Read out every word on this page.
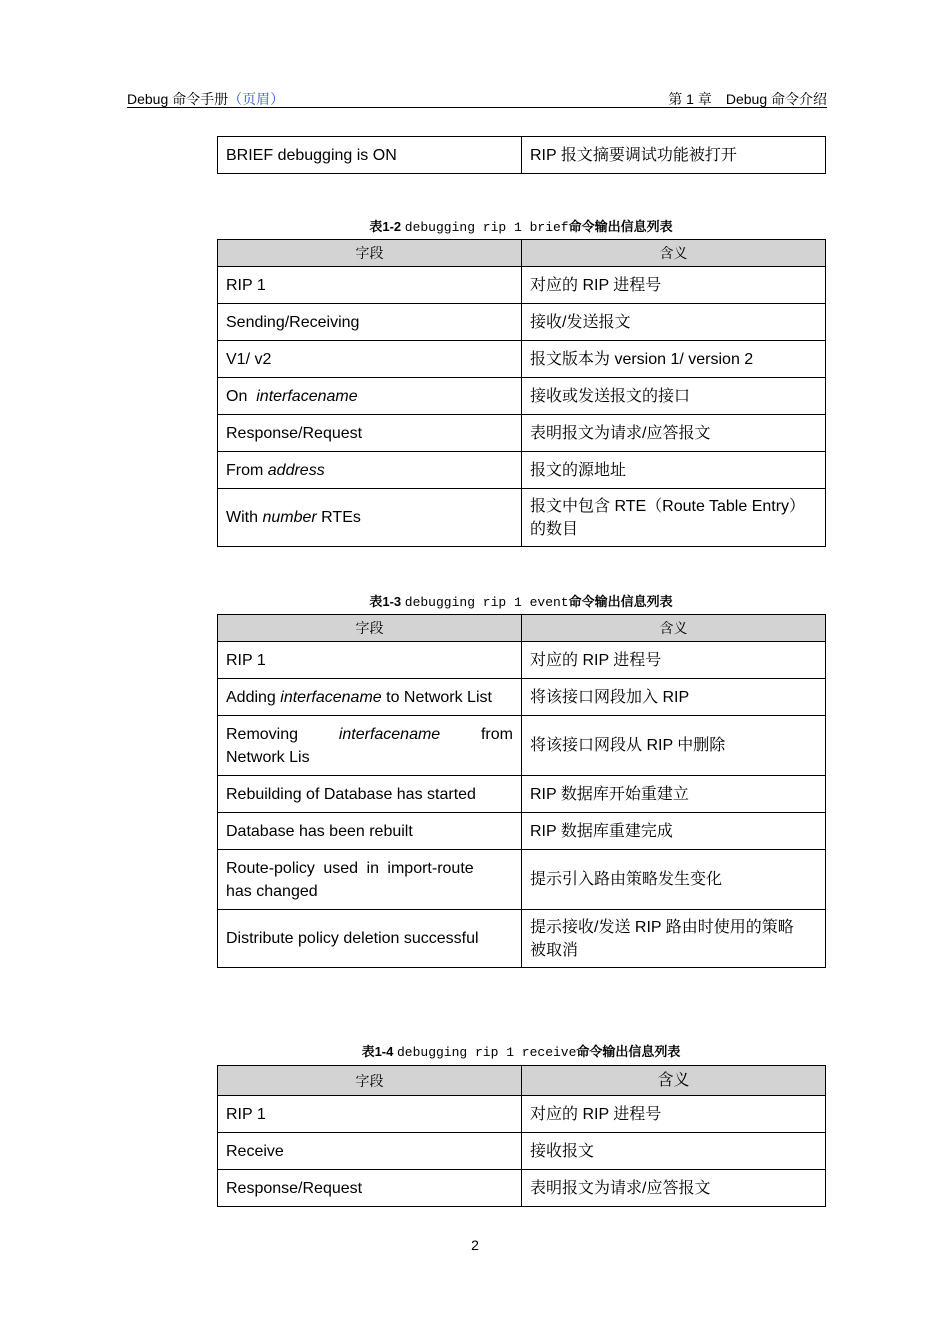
Debug 命令手册（页眉）	第 1 章 Debug 命令介绍
BRIEF debugging is ON	RIP 报文摘要调试功能被打开
表1-2 debugging rip 1 brief命令输出信息列表
字段	含义
RIP 1	对应的 RIP 进程号
Sending/Receiving	接收/发送报文
V1/ v2	报文版本为 version 1/ version 2
On interfacename	接收或发送报文的接口
Response/Request	表明报文为请求/应答报文
From address	报文的源地址
With number RTEs	报文中包含 RTE（Route Table Entry）
的数目
表1-3 debugging rip 1 event命令输出信息列表
字段	含义
RIP 1	对应的 RIP 进程号
Adding interfacename to Network List	将该接口网段加入 RIP

Removing interfacename from
Network Lis	将该接口网段从 RIP 中删除
Rebuilding of Database has started	RIP 数据库开始重建立
Database has been rebuilt	RIP 数据库重建完成
Route-policy used in import-route
has changed	提示引入路由策略发生变化
Distribute policy deletion successful	提示接收/发送 RIP 路由时使用的策略
被取消
表1-4 debugging rip 1 receive命令输出信息列表
字段	含义
RIP 1	对应的 RIP 进程号
Receive	接收报文
Response/Request	表明报文为请求/应答报文
2
